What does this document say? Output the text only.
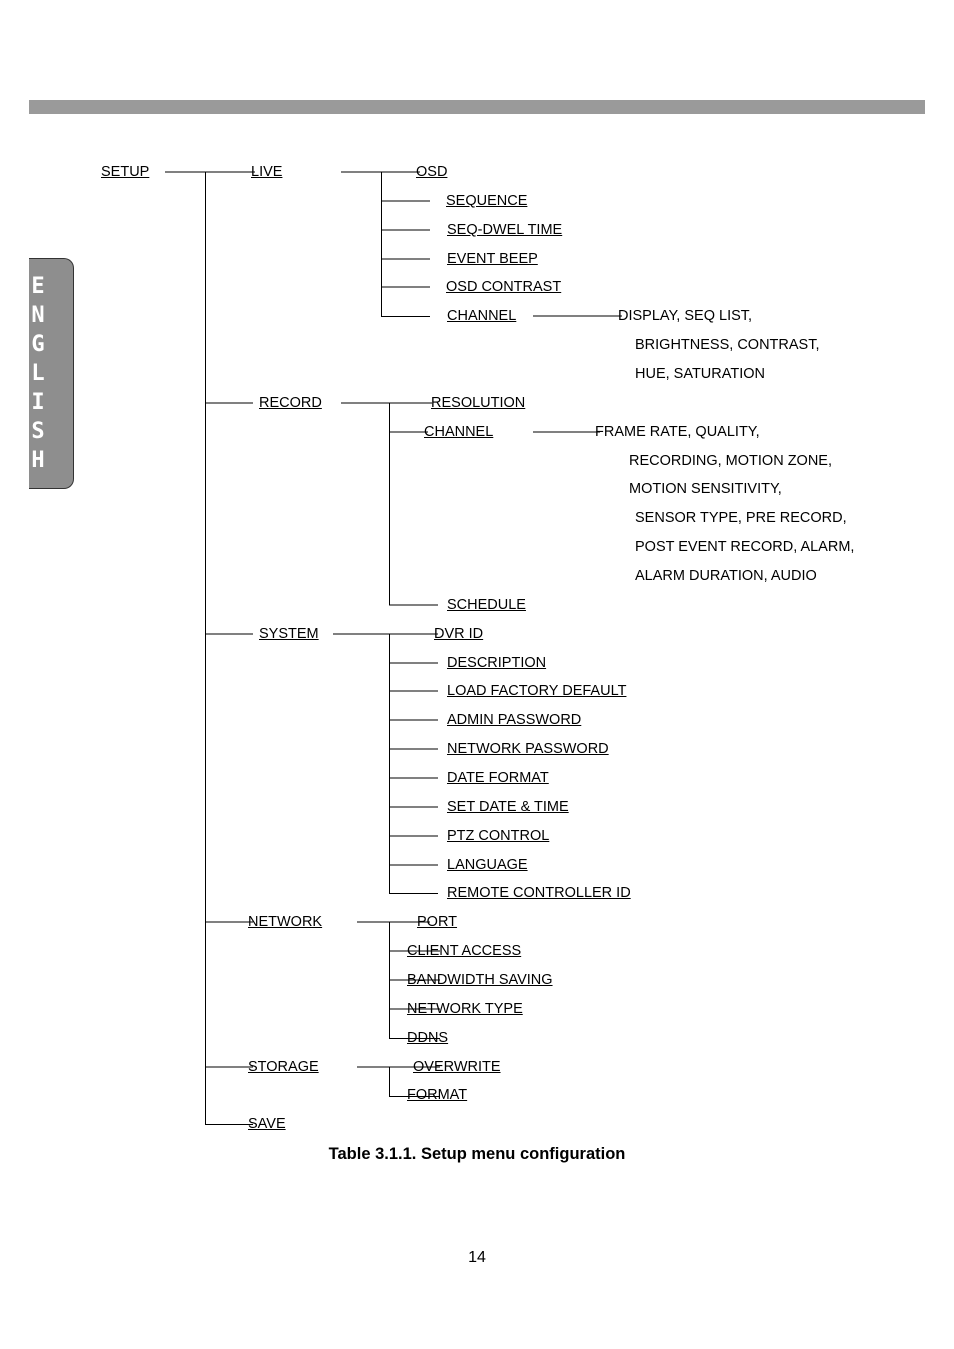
E
N
G
L
I
S
H
SETUP	LIVE
RECORD
SYSTEM
NETWORK
STORAGE
SAVE
OSD
SEQUENCE
SEQ-DWEL TIME
EVENT BEEP
OSD CONTRAST
CHANNEL	DISPLAY, SEQ LIST,
BRIGHTNESS, CONTRAST,
HUE, SATURATION
RESOLUTION
CHANNEL
SCHEDULE
FRAME RATE, QUALITY,
RECORDING, MOTION ZONE,
MOTION SENSITIVITY,
SENSOR TYPE, PRE RECORD,
POST EVENT RECORD, ALARM,
ALARM DURATION, AUDIO
DVR ID
DESCRIPTION
LOAD FACTORY DEFAULT
ADMIN PASSWORD
NETWORK PASSWORD
DATE FORMAT
SET DATE & TIME
PTZ CONTROL
LANGUAGE
REMOTE CONTROLLER ID
PORT
CLIENT ACCESS
BANDWIDTH SAVING
NETWORK TYPE
DDNS
OVERWRITE
FORMAT
Table 3.1.1. Setup menu configuration
14
